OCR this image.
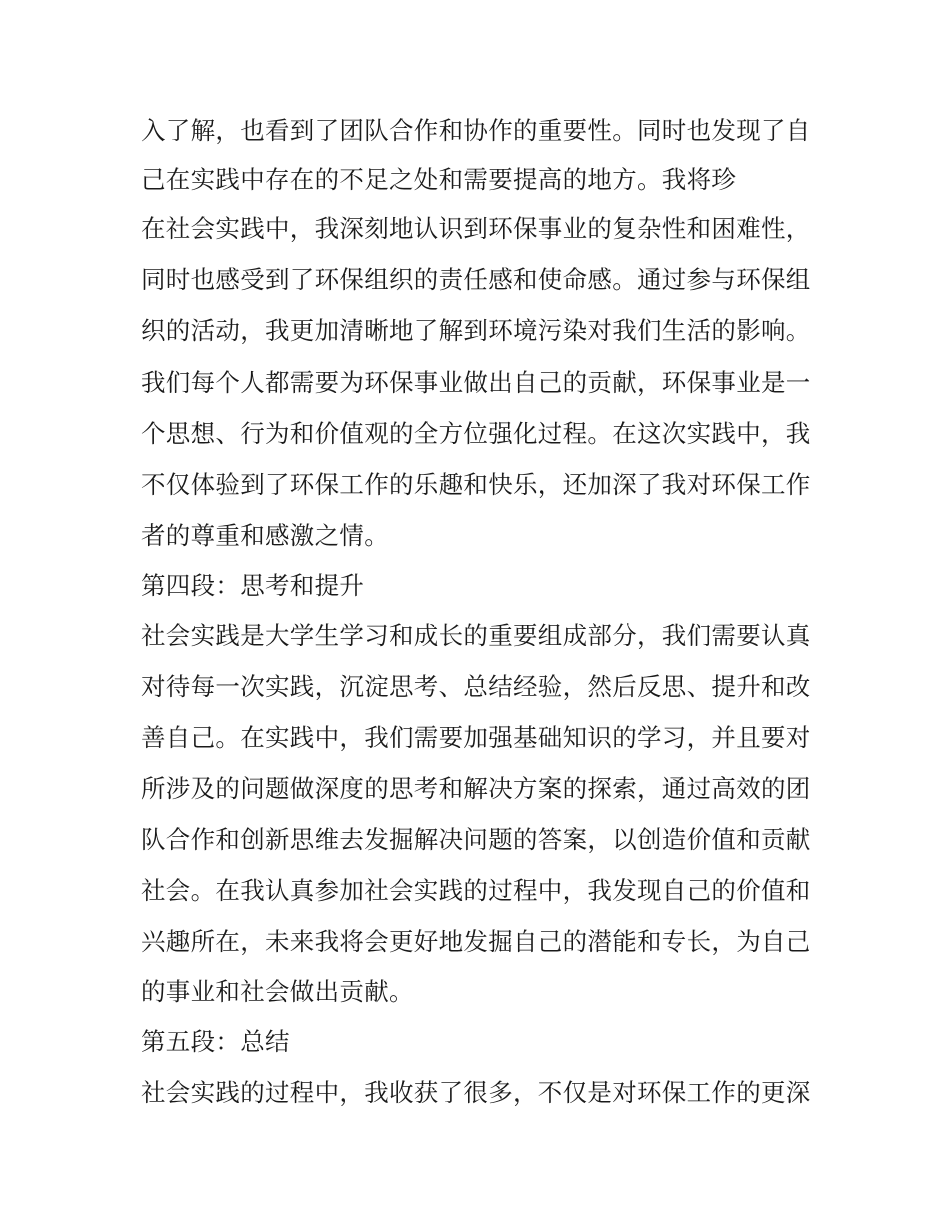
入了解，也看到了团队合作和协作的重要性。同时也发现了自
己在实践中存在的不足之处和需要提高的地方。我将珍
在社会实践中，我深刻地认识到环保事业的复杂性和困难性，
同时也感受到了环保组织的责任感和使命感。通过参与环保组
织的活动，我更加清晰地了解到环境污染对我们生活的影响。
我们每个人都需要为环保事业做出自己的贡献，环保事业是一
个思想、行为和价值观的全方位强化过程。在这次实践中，我
不仅体验到了环保工作的乐趣和快乐，还加深了我对环保工作
者的尊重和感激之情。
第四段：思考和提升
社会实践是大学生学习和成长的重要组成部分，我们需要认真
对待每一次实践，沉淀思考、总结经验，然后反思、提升和改
善自己。在实践中，我们需要加强基础知识的学习，并且要对
所涉及的问题做深度的思考和解决方案的探索，通过高效的团
队合作和创新思维去发掘解决问题的答案，以创造价值和贡献
社会。在我认真参加社会实践的过程中，我发现自己的价值和
兴趣所在，未来我将会更好地发掘自己的潜能和专长，为自己
的事业和社会做出贡献。
第五段：总结
社会实践的过程中，我收获了很多，不仅是对环保工作的更深
